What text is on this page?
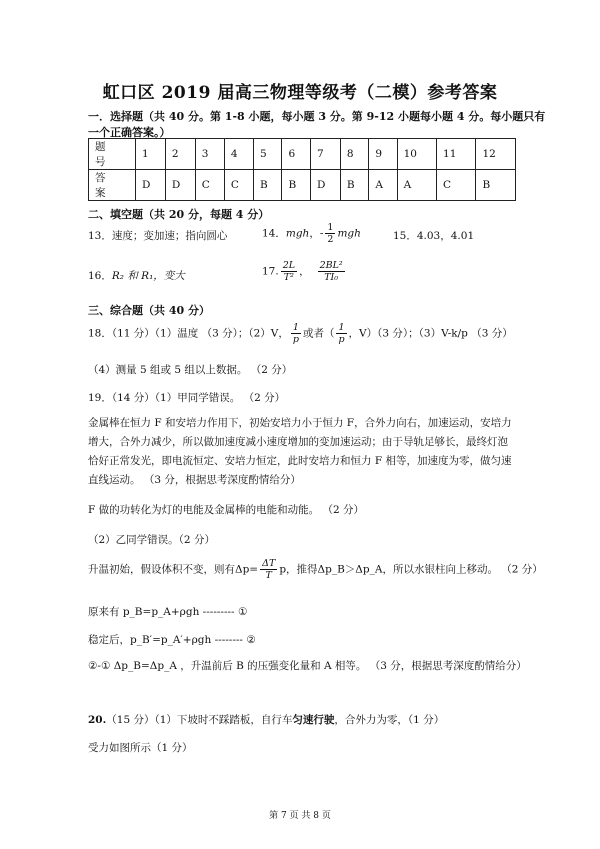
虹口区 2019 届高三物理等级考（二模）参考答案
一．选择题（共 40 分。第 1-8 小题，每小题 3 分。第 9-12 小题每小题 4 分。每小题只有
一个正确答案。）
题 号	1	2	3	4	5	6	7	8	9	10	11	12
答 案	D	D	C	C	B	B	D	B	A	A	C	B
二、填空题（共 20 分，每题 4 分）
13．速度；变加速；指向圆心	14．mgh，- $\frac{1}{2}$ mgh	15．4.03，4.01
16．R₂ 和 R₁，变大	17. $\frac{2L}{\text{T²}}$ ， $\frac{\text{2BL²}}{\text{TI₀}}$
三、综合题（共 40 分）
18．（11 分）（1）温度 （3 分）；（2）V， $\frac{1}{p}$ 或者（ $\frac{1}{p}$ ，V）（3 分）；（3）V-k/p （3 分）
（4）测量 5 组或 5 组以上数据。 （2 分）
19．（14 分）（1）甲同学错误。 （2 分）
金属棒在恒力 F 和安培力作用下，初始安培力小于恒力 F，合外力向右，加速运动，安培力增大，合外力减少，所以做加速度减小速度增加的变加速运动；由于导轨足够长，最终灯泡恰好正常发光，即电流恒定、安培力恒定，此时安培力和恒力 F 相等，加速度为零，做匀速直线运动。 （3 分，根据思考深度酌情给分）
F 做的功转化为灯的电能及金属棒的电能和动能。 （2 分）
（2）乙同学错误。（2 分）
升温初始，假设体积不变，则有$\Delta p= \frac{\Delta T}{T}$ p，推得Δp_B＞Δp_A，所以水银柱向上移动。 （2 分）
原来有 p_B=p_A+ρgh --------- ①
稳定后，p_B′=p_A′+ρgh -------- ②
②-① Δp_B=Δp_A ，升温前后 B 的压强变化量和 A 相等。 （3 分，根据思考深度酌情给分）
20.（15 分）（1）下坡时不踩踏板，自行车匀速行驶，合外力为零，（1 分）
受力如图所示（1 分）
第 7 页 共 8 页
